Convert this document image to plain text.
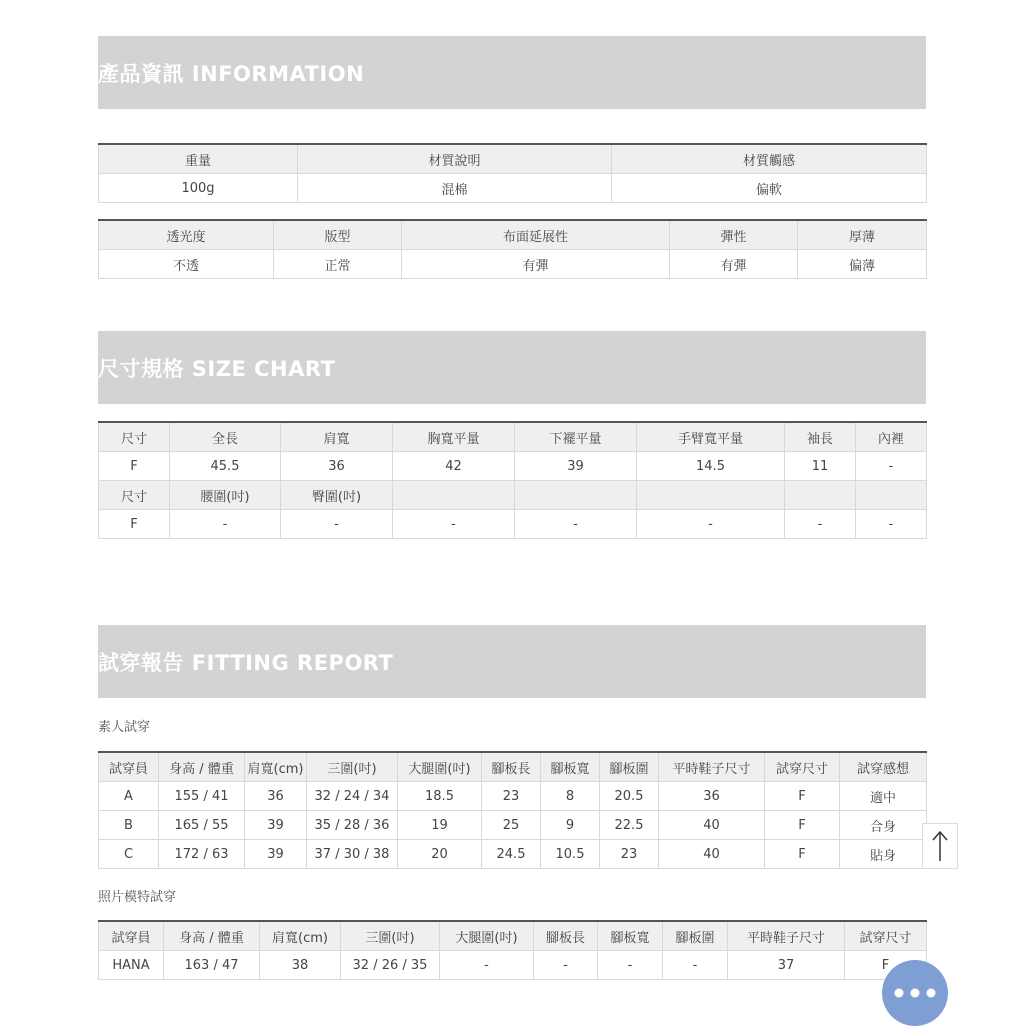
產品資訊 INFORMATION
重量	材質說明	材質觸感
100g	混棉	偏軟
透光度	版型	布面延展性	彈性	厚薄
不透	正常	有彈	有彈	偏薄
尺寸規格 SIZE CHART
尺寸	全長	肩寬	胸寬平量	下襬平量	手臂寬平量	袖長	內裡
F	45.5	36	42	39	14.5	11	-
尺寸	腰圍(吋)	臀圍(吋)					
F	-	-	-	-	-	-	-
試穿報告 FITTING REPORT
素人試穿
試穿員	身高 / 體重	肩寬(cm)	三圍(吋)	大腿圍(吋)	腳板長	腳板寬	腳板圍	平時鞋子尺寸	試穿尺寸	試穿感想
A	155 / 41	36	32 / 24 / 34	18.5	23	8	20.5	36	F	適中
B	165 / 55	39	35 / 28 / 36	19	25	9	22.5	40	F	合身
C	172 / 63	39	37 / 30 / 38	20	24.5	10.5	23	40	F	貼身
照片模特試穿
試穿員	身高 / 體重	肩寬(cm)	三圍(吋)	大腿圍(吋)	腳板長	腳板寬	腳板圍	平時鞋子尺寸	試穿尺寸
HANA	163 / 47	38	32 / 26 / 35	-	-	-	-	37	F
